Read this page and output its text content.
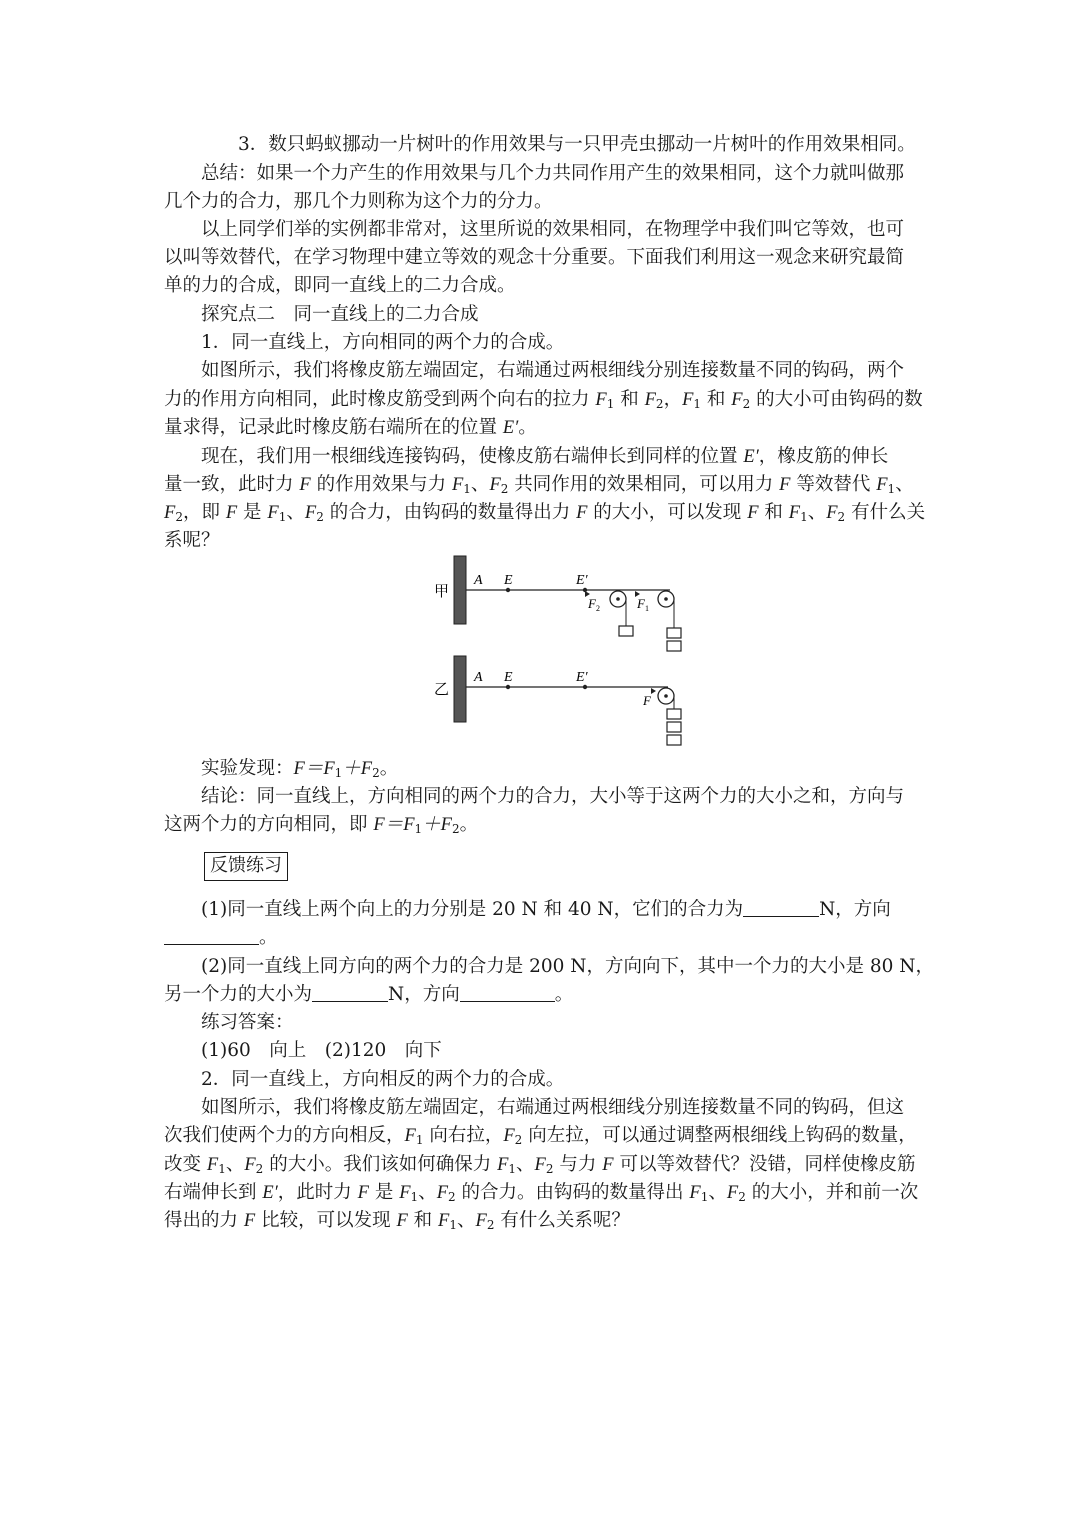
3．数只蚂蚁挪动一片树叶的作用效果与一只甲壳虫挪动一片树叶的作用效果相同。
总结：如果一个力产生的作用效果与几个力共同作用产生的效果相同，这个力就叫做那
几个力的合力，那几个力则称为这个力的分力。
以上同学们举的实例都非常对，这里所说的效果相同，在物理学中我们叫它等效，也可
以叫等效替代，在学习物理中建立等效的观念十分重要。下面我们利用这一观念来研究最简
单的力的合成，即同一直线上的二力合成。
探究点二　同一直线上的二力合成
1．同一直线上，方向相同的两个力的合成。
如图所示，我们将橡皮筋左端固定，右端通过两根细线分别连接数量不同的钩码，两个
力的作用方向相同，此时橡皮筋受到两个向右的拉力 $F_1$ 和 $F_2$，$F_1$ 和 $F_2$ 的大小可由钩码的数
量求得，记录此时橡皮筋右端所在的位置 E′。
现在，我们用一根细线连接钩码，使橡皮筋右端伸长到同样的位置 E′，橡皮筋的伸长
量一致，此时力 F 的作用效果与力 $F_1$、$F_2$ 共同作用的效果相同，可以用力 F 等效替代 $F_1$、
$F_2$，即 F 是 $F_1$、$F_2$ 的合力，由钩码的数量得出力 F 的大小，可以发现 F 和 $F_1$、$F_2$ 有什么关
系呢？
甲
A E	E′
$F_2$	$F_1$
乙
A E	E′
F
实验发现：$F=F_1+F_2$。
结论：同一直线上，方向相同的两个力的合力，大小等于这两个力的大小之和，方向与
这两个力的方向相同，即 $F=F_1+F_2$。
反馈练习
(1)同一直线上两个向上的力分别是 20 N 和 40 N，它们的合力为	N，方向
。
(2)同一直线上同方向的两个力的合力是 200 N，方向向下，其中一个力的大小是 80 N，
另一个力的大小为	N，方向	。
练习答案：
(1)60　向上　(2)120　向下
2．同一直线上，方向相反的两个力的合成。
如图所示，我们将橡皮筋左端固定，右端通过两根细线分别连接数量不同的钩码，但这
次我们使两个力的方向相反，$F_1$ 向右拉，$F_2$ 向左拉，可以通过调整两根细线上钩码的数量，
改变 $F_1$、$F_2$ 的大小。我们该如何确保力 $F_1$、$F_2$ 与力 F 可以等效替代？没错，同样使橡皮筋
右端伸长到 E′，此时力 F 是 $F_1$、$F_2$ 的合力。由钩码的数量得出 $F_1$、$F_2$ 的大小，并和前一次
得出的力 F 比较，可以发现 F 和 $F_1$、$F_2$ 有什么关系呢？
